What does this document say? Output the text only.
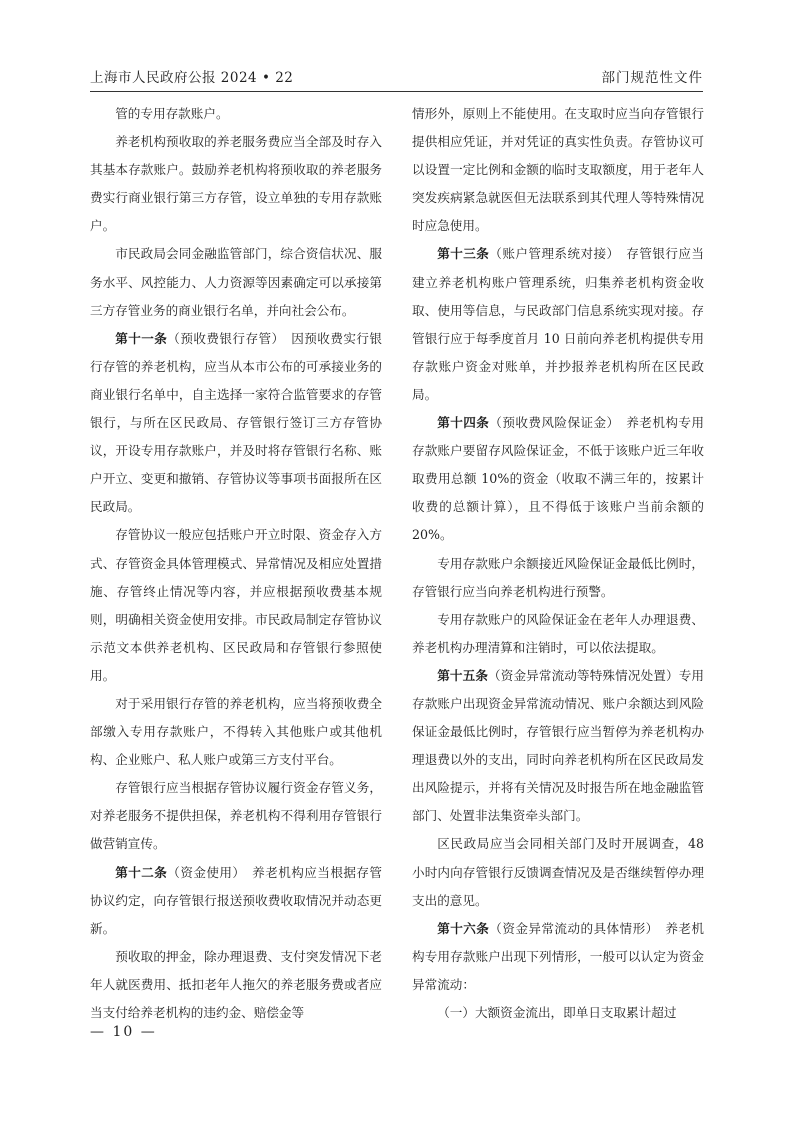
上海市人民政府公报 2024 • 22	部门规范性文件

管的专用存款账户。

养老机构预收取的养老服务费应当全部及时存入其基本存款账户。鼓励养老机构将预收取的养老服务费实行商业银行第三方存管，设立单独的专用存款账户。

市民政局会同金融监管部门，综合资信状况、服务水平、风控能力、人力资源等因素确定可以承接第三方存管业务的商业银行名单，并向社会公布。

第十一条（预收费银行存管）　因预收费实行银行存管的养老机构，应当从本市公布的可承接业务的商业银行名单中，自主选择一家符合监管要求的存管银行，与所在区民政局、存管银行签订三方存管协议，开设专用存款账户，并及时将存管银行名称、账户开立、变更和撤销、存管协议等事项书面报所在区民政局。

存管协议一般应包括账户开立时限、资金存入方式、存管资金具体管理模式、异常情况及相应处置措施、存管终止情况等内容，并应根据预收费基本规则，明确相关资金使用安排。市民政局制定存管协议示范文本供养老机构、区民政局和存管银行参照使用。

对于采用银行存管的养老机构，应当将预收费全部缴入专用存款账户，不得转入其他账户或其他机构、企业账户、私人账户或第三方支付平台。

存管银行应当根据存管协议履行资金存管义务，对养老服务不提供担保，养老机构不得利用存管银行做营销宣传。

第十二条（资金使用）　养老机构应当根据存管协议约定，向存管银行报送预收费收取情况并动态更新。

预收取的押金，除办理退费、支付突发情况下老年人就医费用、抵扣老年人拖欠的养老服务费或者应当支付给养老机构的违约金、赔偿金等

情形外，原则上不能使用。在支取时应当向存管银行提供相应凭证，并对凭证的真实性负责。存管协议可以设置一定比例和金额的临时支取额度，用于老年人突发疾病紧急就医但无法联系到其代理人等特殊情况时应急使用。

第十三条（账户管理系统对接）　存管银行应当建立养老机构账户管理系统，归集养老机构资金收取、使用等信息，与民政部门信息系统实现对接。存管银行应于每季度首月 10 日前向养老机构提供专用存款账户资金对账单，并抄报养老机构所在区民政局。

第十四条（预收费风险保证金）　养老机构专用存款账户要留存风险保证金，不低于该账户近三年收取费用总额 10%的资金（收取不满三年的，按累计收费的总额计算），且不得低于该账户当前余额的 20%。

专用存款账户余额接近风险保证金最低比例时，存管银行应当向养老机构进行预警。

专用存款账户的风险保证金在老年人办理退费、养老机构办理清算和注销时，可以依法提取。

第十五条（资金异常流动等特殊情况处置）专用存款账户出现资金异常流动情况、账户余额达到风险保证金最低比例时，存管银行应当暂停为养老机构办理退费以外的支出，同时向养老机构所在区民政局发出风险提示，并将有关情况及时报告所在地金融监管部门、处置非法集资牵头部门。

区民政局应当会同相关部门及时开展调查，48 小时内向存管银行反馈调查情况及是否继续暂停办理支出的意见。

第十六条（资金异常流动的具体情形）　养老机构专用存款账户出现下列情形，一般可以认定为资金异常流动：

（一）大额资金流出，即单日支取累计超过

— 10 —
